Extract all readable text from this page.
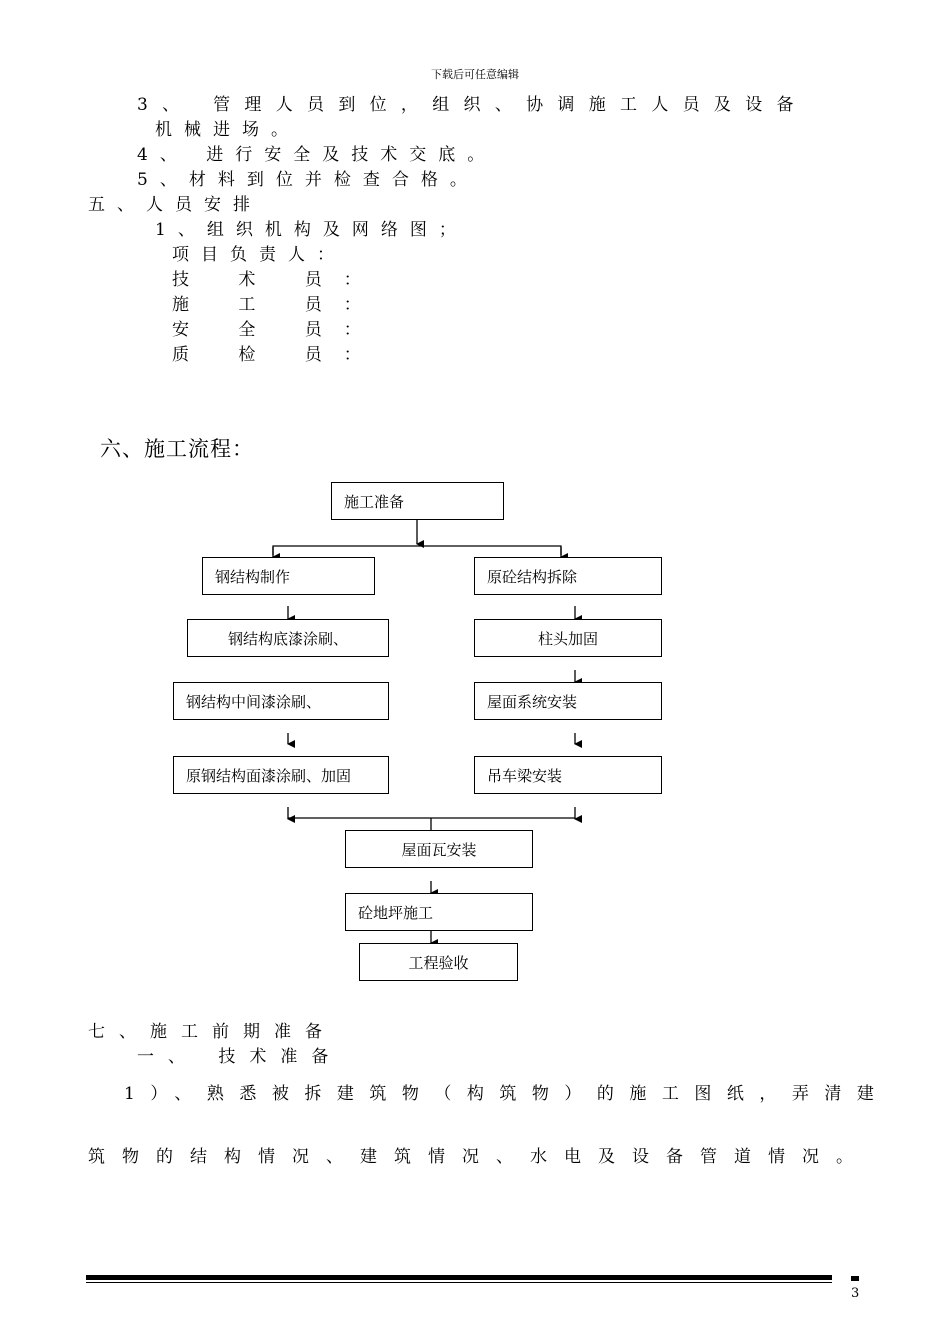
下载后可任意编辑
3、 管理人员到位，组织、协调施工人员及设备
机械进场。
4、 进行安全及技术交底。
5、材料到位并检查合格。
五、人员安排
1、组织机构及网络图；
项目负责人：
技 术 员：
施 工 员：
安 全 员：
质 检 员：
六、施工流程：
施工准备
钢结构制作
钢结构底漆涂刷、
钢结构中间漆涂刷、
原钢结构面漆涂刷、加固
原砼结构拆除
柱头加固
屋面系统安装
吊车梁安装
屋面瓦安装
砼地坪施工
工程验收
七、施工前期准备
一、 技术准备
1）、熟悉被拆建筑物（构筑物）的施工图纸，弄清建
筑物的结构情况、建筑情况、水电及设备管道情况。
3
